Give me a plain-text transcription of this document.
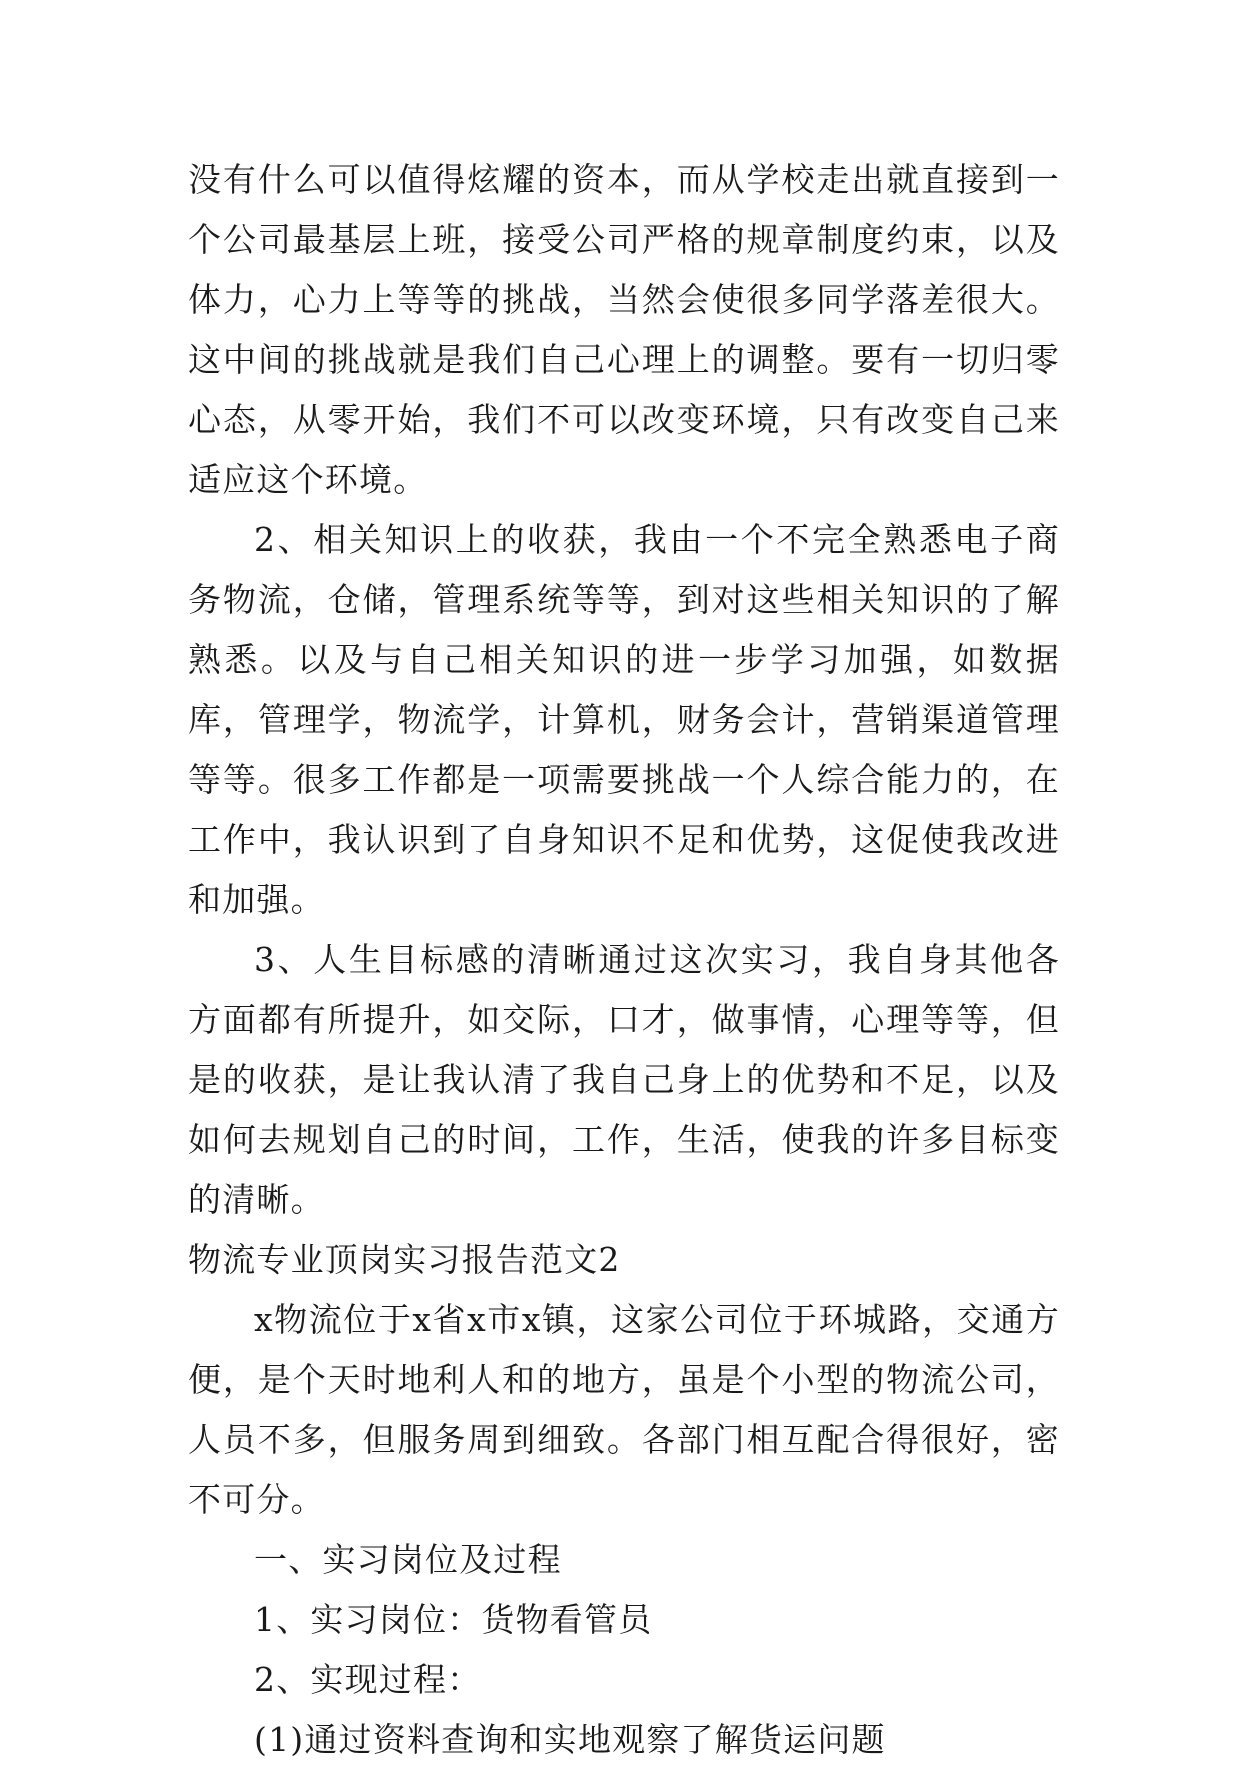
没有什么可以值得炫耀的资本，而从学校走出就直接到一个公司最基层上班，接受公司严格的规章制度约束，以及体力，心力上等等的挑战，当然会使很多同学落差很大。这中间的挑战就是我们自己心理上的调整。要有一切归零心态，从零开始，我们不可以改变环境，只有改变自己来适应这个环境。

2、相关知识上的收获，我由一个不完全熟悉电子商务物流，仓储，管理系统等等，到对这些相关知识的了解熟悉。以及与自己相关知识的进一步学习加强，如数据库，管理学，物流学，计算机，财务会计，营销渠道管理等等。很多工作都是一项需要挑战一个人综合能力的，在工作中，我认识到了自身知识不足和优势，这促使我改进和加强。

3、人生目标感的清晰通过这次实习，我自身其他各方面都有所提升，如交际，口才，做事情，心理等等，但是的收获，是让我认清了我自己身上的优势和不足，以及如何去规划自己的时间，工作，生活，使我的许多目标变的清晰。

物流专业顶岗实习报告范文2

x物流位于x省x市x镇，这家公司位于环城路，交通方便，是个天时地利人和的地方，虽是个小型的物流公司，人员不多，但服务周到细致。各部门相互配合得很好，密不可分。

一、实习岗位及过程

1、实习岗位：货物看管员

2、实现过程：

(1)通过资料查询和实地观察了解货运问题
